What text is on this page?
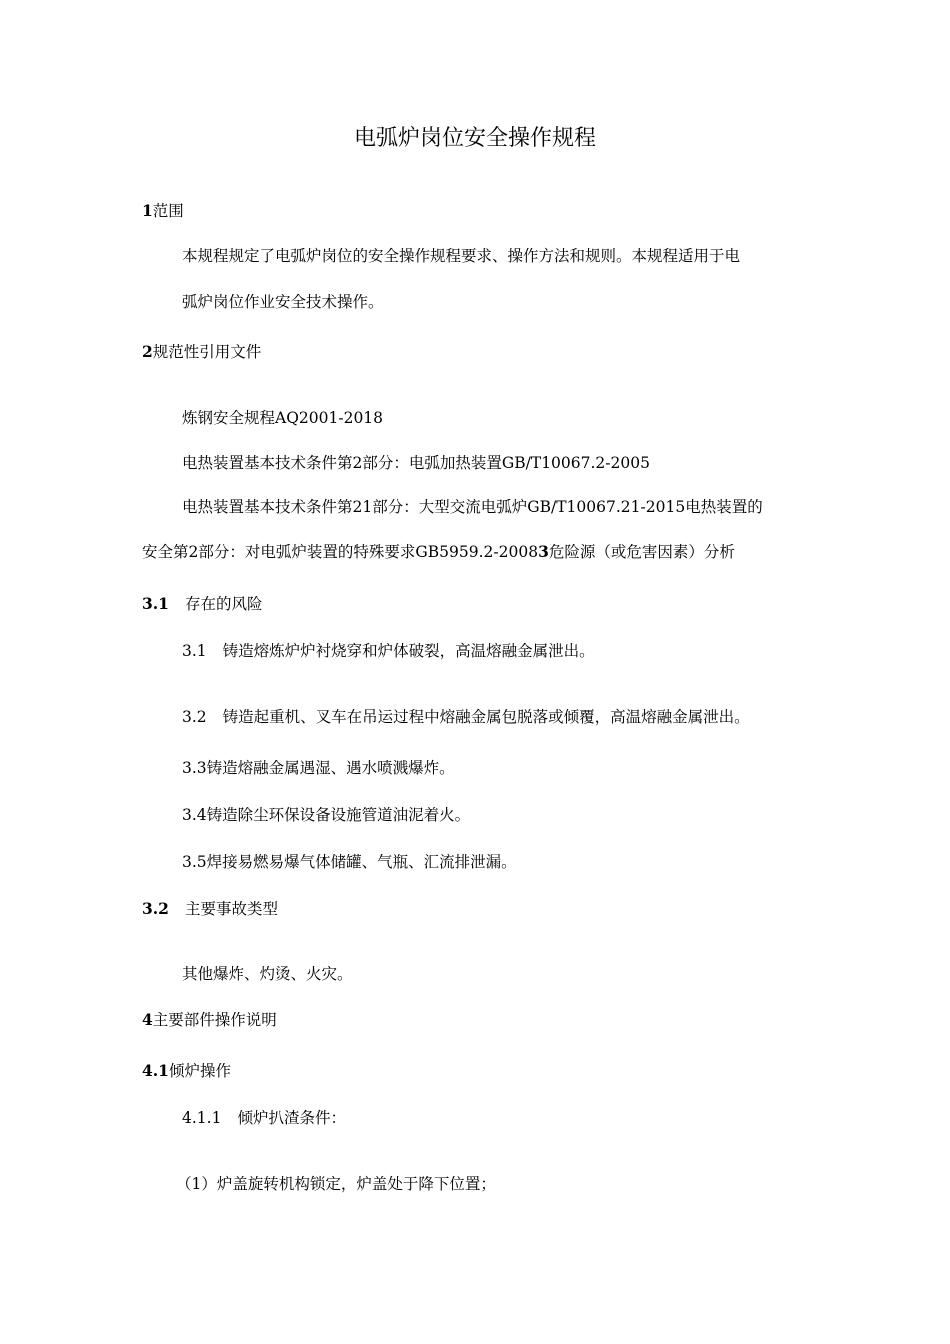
电弧炉岗位安全操作规程
1范围
本规程规定了电弧炉岗位的安全操作规程要求、操作方法和规则。本规程适用于电
弧炉岗位作业安全技术操作。
2规范性引用文件
炼钢安全规程AQ2001-2018
电热装置基本技术条件第2部分：电弧加热装置GB/T10067.2-2005
电热装置基本技术条件第21部分：大型交流电弧炉GB/T10067.21-2015电热装置的
安全第2部分：对电弧炉装置的特殊要求GB5959.2-20083危险源（或危害因素）分析
3.1 存在的风险
3.1 铸造熔炼炉炉衬烧穿和炉体破裂，高温熔融金属泄出。
3.2 铸造起重机、叉车在吊运过程中熔融金属包脱落或倾覆，高温熔融金属泄出。
3.3铸造熔融金属遇湿、遇水喷溅爆炸。
3.4铸造除尘环保设备设施管道油泥着火。
3.5焊接易燃易爆气体储罐、气瓶、汇流排泄漏。
3.2 主要事故类型
其他爆炸、灼烫、火灾。
4主要部件操作说明
4.1倾炉操作
4.1.1 倾炉扒渣条件：
（1）炉盖旋转机构锁定，炉盖处于降下位置；
